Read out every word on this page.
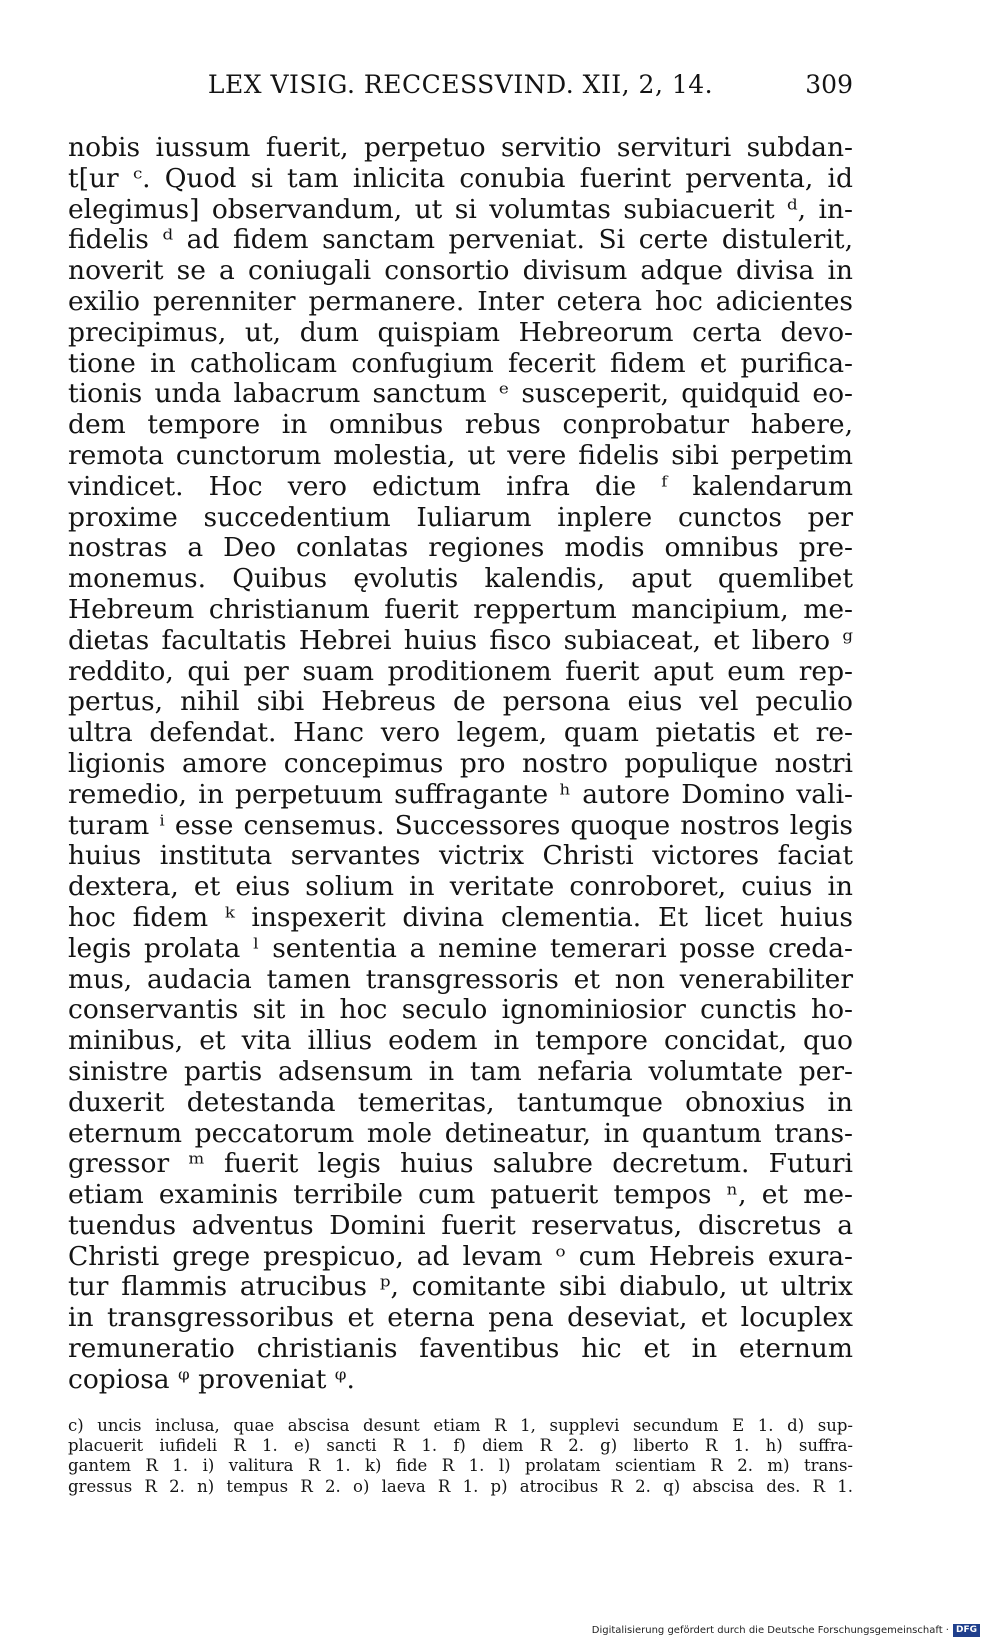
LEX VISIG. RECCESSVIND. XII, 2, 14.	309
nobis iussum fuerit, perpetuo servitio servituri subdan-
t[ur ᶜ. Quod si tam inlicita conubia fuerint perventa, id
elegimus] observandum, ut si volumtas subiacuerit ᵈ, in-
fidelis ᵈ ad fidem sanctam perveniat. Si certe distulerit,
noverit se a coniugali consortio divisum adque divisa in
exilio perenniter permanere. Inter cetera hoc adicientes
precipimus, ut, dum quispiam Hebreorum certa devo-
tione in catholicam confugium fecerit fidem et purifica-
tionis unda labacrum sanctum ᵉ susceperit, quidquid eo-
dem tempore in omnibus rebus conprobatur habere,
remota cunctorum molestia, ut vere fidelis sibi perpetim
vindicet. Hoc vero edictum infra die ᶠ kalendarum
proxime succedentium Iuliarum inplere cunctos per
nostras a Deo conlatas regiones modis omnibus pre-
monemus. Quibus ęvolutis kalendis, aput quemlibet
Hebreum christianum fuerit reppertum mancipium, me-
dietas facultatis Hebrei huius fisco subiaceat, et libero ᵍ
reddito, qui per suam proditionem fuerit aput eum rep-
pertus, nihil sibi Hebreus de persona eius vel peculio
ultra defendat. Hanc vero legem, quam pietatis et re-
ligionis amore concepimus pro nostro populique nostri
remedio, in perpetuum suffragante ʰ autore Domino vali-
turam ⁱ esse censemus. Successores quoque nostros legis
huius instituta servantes victrix Christi victores faciat
dextera, et eius solium in veritate conroboret, cuius in
hoc fidem ᵏ inspexerit divina clementia. Et licet huius
legis prolata ˡ sententia a nemine temerari posse creda-
mus, audacia tamen transgressoris et non venerabiliter
conservantis sit in hoc seculo ignominiosior cunctis ho-
minibus, et vita illius eodem in tempore concidat, quo
sinistre partis adsensum in tam nefaria volumtate per-
duxerit detestanda temeritas, tantumque obnoxius in
eternum peccatorum mole detineatur, in quantum trans-
gressor ᵐ fuerit legis huius salubre decretum. Futuri
etiam examinis terribile cum patuerit tempos ⁿ, et me-
tuendus adventus Domini fuerit reservatus, discretus a
Christi grege prespicuo, ad levam ᵒ cum Hebreis exura-
tur flammis atrucibus ᵖ, comitante sibi diabulo, ut ultrix
in transgressoribus et eterna pena deseviat, et locuplex
remuneratio christianis faventibus hic et in eternum
copiosa ᵠ proveniat ᵠ.
c) uncis inclusa, quae abscisa desunt etiam R 1, supplevi secundum E 1. d) sup-
placuerit iufideli R 1. e) sancti R 1. f) diem R 2. g) liberto R 1. h) suffra-
gantem R 1. i) valitura R 1. k) fide R 1. l) prolatam scientiam R 2. m) trans-
gressus R 2. n) tempus R 2. o) laeva R 1. p) atrocibus R 2. q) abscisa des. R 1.
Digitalisierung gefördert durch die Deutsche Forschungsgemeinschaft · DFG
